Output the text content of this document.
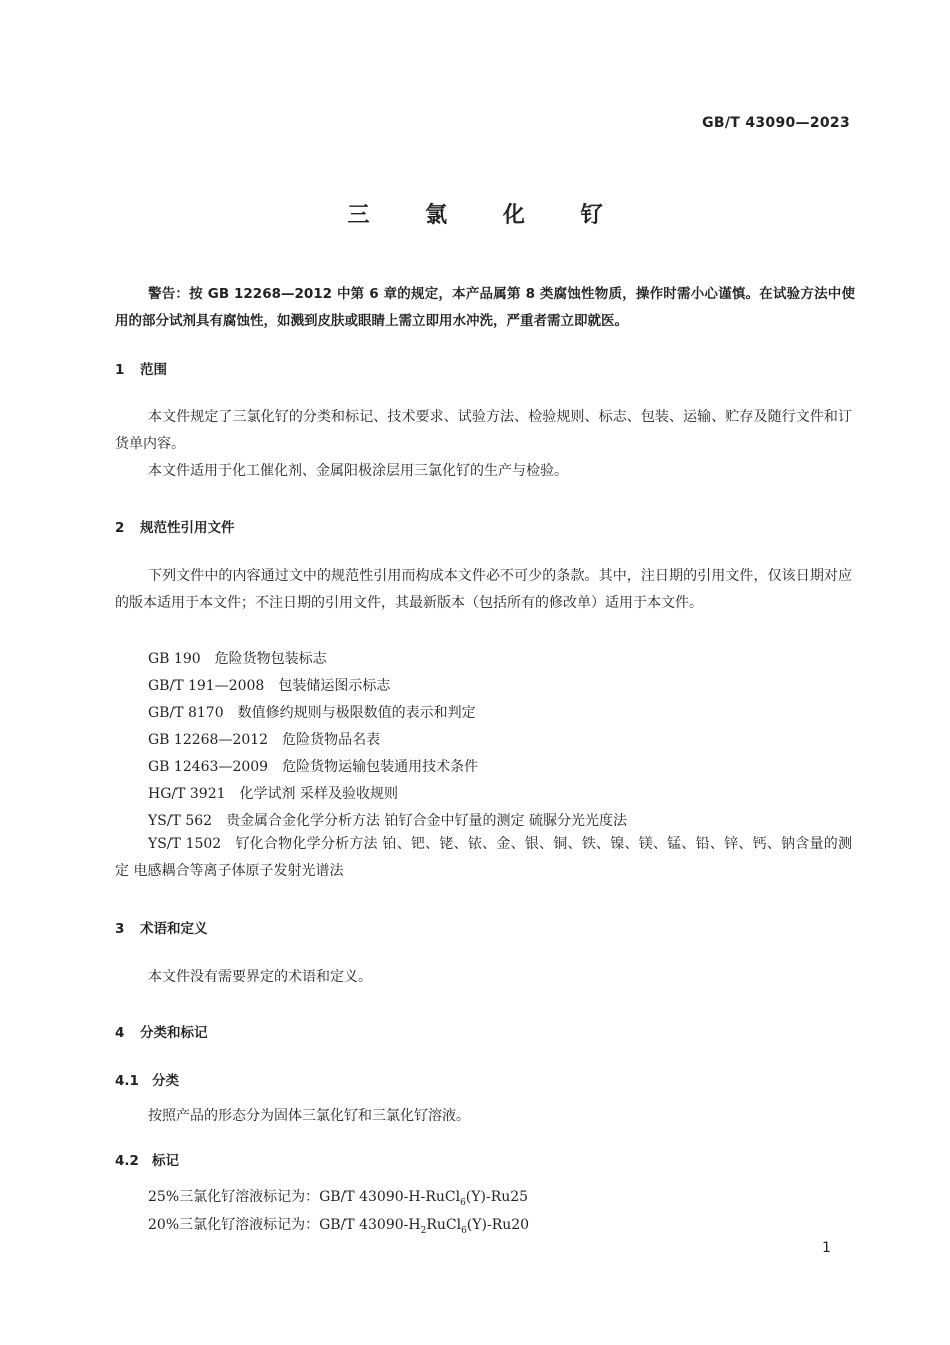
GB/T 43090—2023
三 氯 化 钌
警告：按 GB 12268—2012 中第 6 章的规定，本产品属第 8 类腐蚀性物质，操作时需小心谨慎。在试验方法中使用的部分试剂具有腐蚀性，如溅到皮肤或眼睛上需立即用水冲洗，严重者需立即就医。
1 范围
本文件规定了三氯化钌的分类和标记、技术要求、试验方法、检验规则、标志、包装、运输、贮存及随行文件和订货单内容。
本文件适用于化工催化剂、金属阳极涂层用三氯化钌的生产与检验。
2 规范性引用文件
下列文件中的内容通过文中的规范性引用而构成本文件必不可少的条款。其中，注日期的引用文件，仅该日期对应的版本适用于本文件；不注日期的引用文件，其最新版本（包括所有的修改单）适用于本文件。
GB 190 危险货物包装标志
GB/T 191—2008 包装储运图示标志
GB/T 8170 数值修约规则与极限数值的表示和判定
GB 12268—2012 危险货物品名表
GB 12463—2009 危险货物运输包装通用技术条件
HG/T 3921 化学试剂 采样及验收规则
YS/T 562 贵金属合金化学分析方法 铂钌合金中钌量的测定 硫脲分光光度法
YS/T 1502 钌化合物化学分析方法 铂、钯、铑、铱、金、银、铜、铁、镍、镁、锰、铅、锌、钙、钠含量的测定 电感耦合等离子体原子发射光谱法
3 术语和定义
本文件没有需要界定的术语和定义。
4 分类和标记
4.1 分类
按照产品的形态分为固体三氯化钌和三氯化钌溶液。
4.2 标记
25%三氯化钌溶液标记为：GB/T 43090-H-RuCl$_6$(Y)-Ru25
20%三氯化钌溶液标记为：GB/T $43090-H_2RuCl_6(Y)-Ru20$
1
